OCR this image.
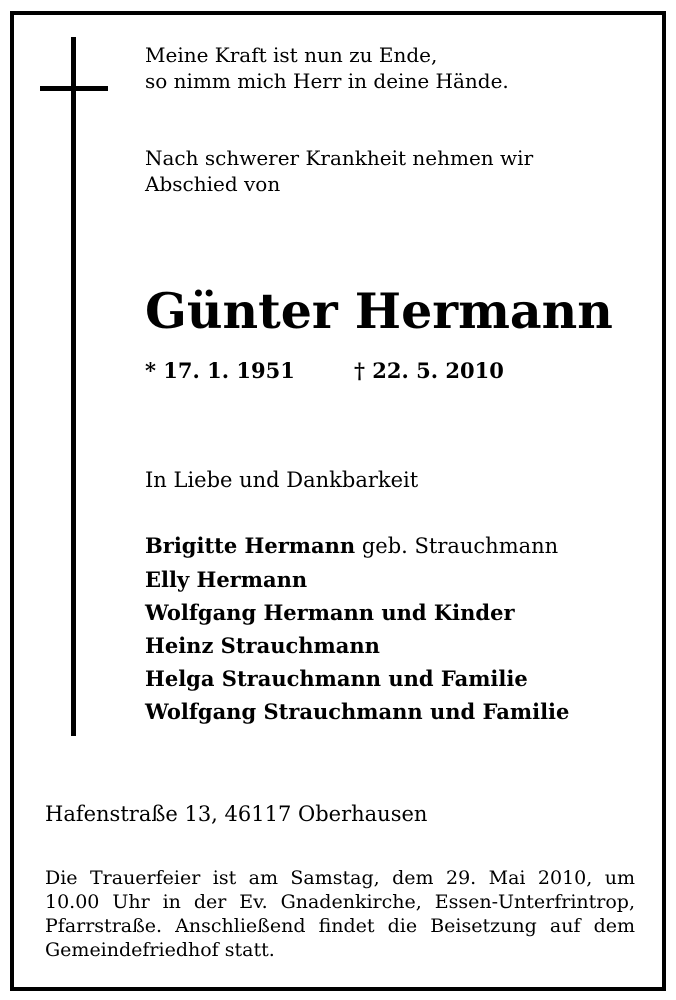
Meine Kraft ist nun zu Ende,
so nimm mich Herr in deine Hände.
Nach schwerer Krankheit nehmen wir
Abschied von
Günter Hermann
* 17. 1. 1951	† 22. 5. 2010
In Liebe und Dankbarkeit
Brigitte Hermann geb. Strauchmann
Elly Hermann
Wolfgang Hermann und Kinder
Heinz Strauchmann
Helga Strauchmann und Familie
Wolfgang Strauchmann und Familie
Hafenstraße 13, 46117 Oberhausen
Die Trauerfeier ist am Samstag, dem 29. Mai 2010, um
10.00 Uhr in der Ev. Gnadenkirche, Essen-Unterfrintrop,
Pfarrstraße. Anschließend findet die Beisetzung auf dem
Gemeindefriedhof statt.
